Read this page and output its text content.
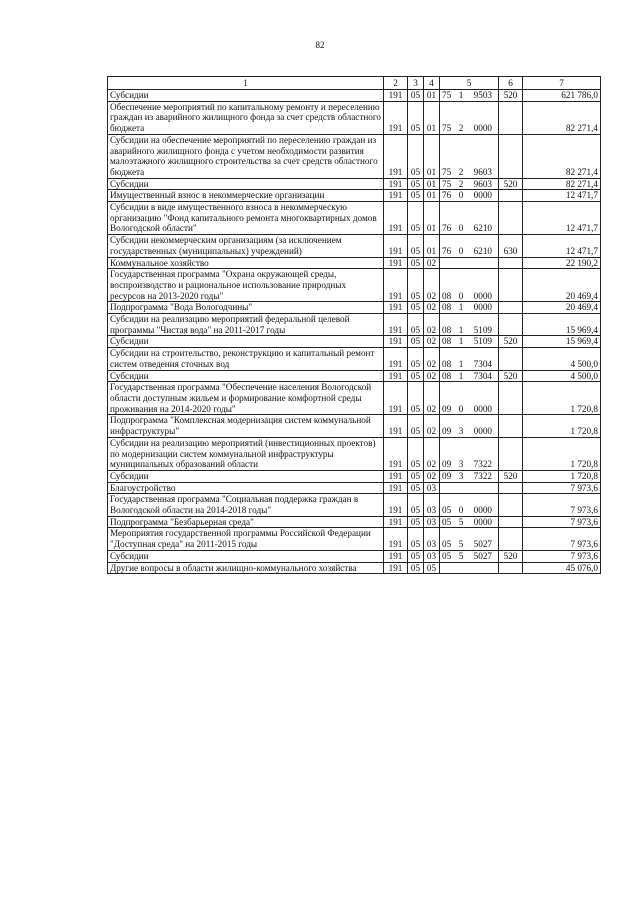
82
1	2	3	4	5	6	7
Субсидии	191	05	01	75 1 9503	520	621 786,0
Обеспечение мероприятий по капитальному ремонту и переселению граждан из аварийного жилищного фонда за счет средств областного бюджета	191	05	01	75 2 0000		82 271,4
Субсидии на обеспечение мероприятий по переселению граждан из аварийного жилищного фонда с учетом необходимости развития малоэтажного жилищного строительства за счет средств областного бюджета	191	05	01	75 2 9603		82 271,4
Субсидии	191	05	01	75 2 9603	520	82 271,4
Имущественный взнос в некоммерческие организации	191	05	01	76 0 0000		12 471,7
Субсидии в виде имущественного взноса в некоммерческую организацию "Фонд капитального ремонта многоквартирных домов Вологодской области"	191	05	01	76 0 6210		12 471,7
Субсидии некоммерческим организациям (за исключением государственных (муниципальных) учреждений)	191	05	01	76 0 6210	630	12 471,7
Коммунальное хозяйство	191	05	02			22 190,2
Государственная программа "Охрана окружающей среды, воспроизводство и рациональное использование природных ресурсов на 2013-2020 годы"	191	05	02	08 0 0000		20 469,4
Подпрограмма "Вода Вологодчины"	191	05	02	08 1 0000		20 469,4
Субсидии на реализацию мероприятий федеральной целевой программы "Чистая вода" на 2011-2017 годы	191	05	02	08 1 5109		15 969,4
Субсидии	191	05	02	08 1 5109	520	15 969,4
Субсидии на строительство, реконструкцию и капитальный ремонт систем отведения сточных вод	191	05	02	08 1 7304		4 500,0
Субсидии	191	05	02	08 1 7304	520	4 500,0
Государственная программа "Обеспечение населения Вологодской области доступным жильем и формирование комфортной среды проживания на 2014-2020 годы"	191	05	02	09 0 0000		1 720,8
Подпрограмма "Комплексная модернизация систем коммунальной инфраструктуры"	191	05	02	09 3 0000		1 720,8
Субсидии на реализацию мероприятий (инвестиционных проектов) по модернизации систем коммунальной инфраструктуры муниципальных образований области	191	05	02	09 3 7322		1 720,8
Субсидии	191	05	02	09 3 7322	520	1 720,8
Благоустройство	191	05	03			7 973,6
Государственная программа "Социальная поддержка граждан в Вологодской области на 2014-2018 годы"	191	05	03	05 0 0000		7 973,6
Подпрограмма "Безбарьерная среда"	191	05	03	05 5 0000		7 973,6
Мероприятия государственной программы Российской Федерации "Доступная среда" на 2011-2015 годы	191	05	03	05 5 5027		7 973,6
Субсидии	191	05	03	05 5 5027	520	7 973,6
Другие вопросы в области жилищно-коммунального хозяйства	191	05	05			45 076,0
